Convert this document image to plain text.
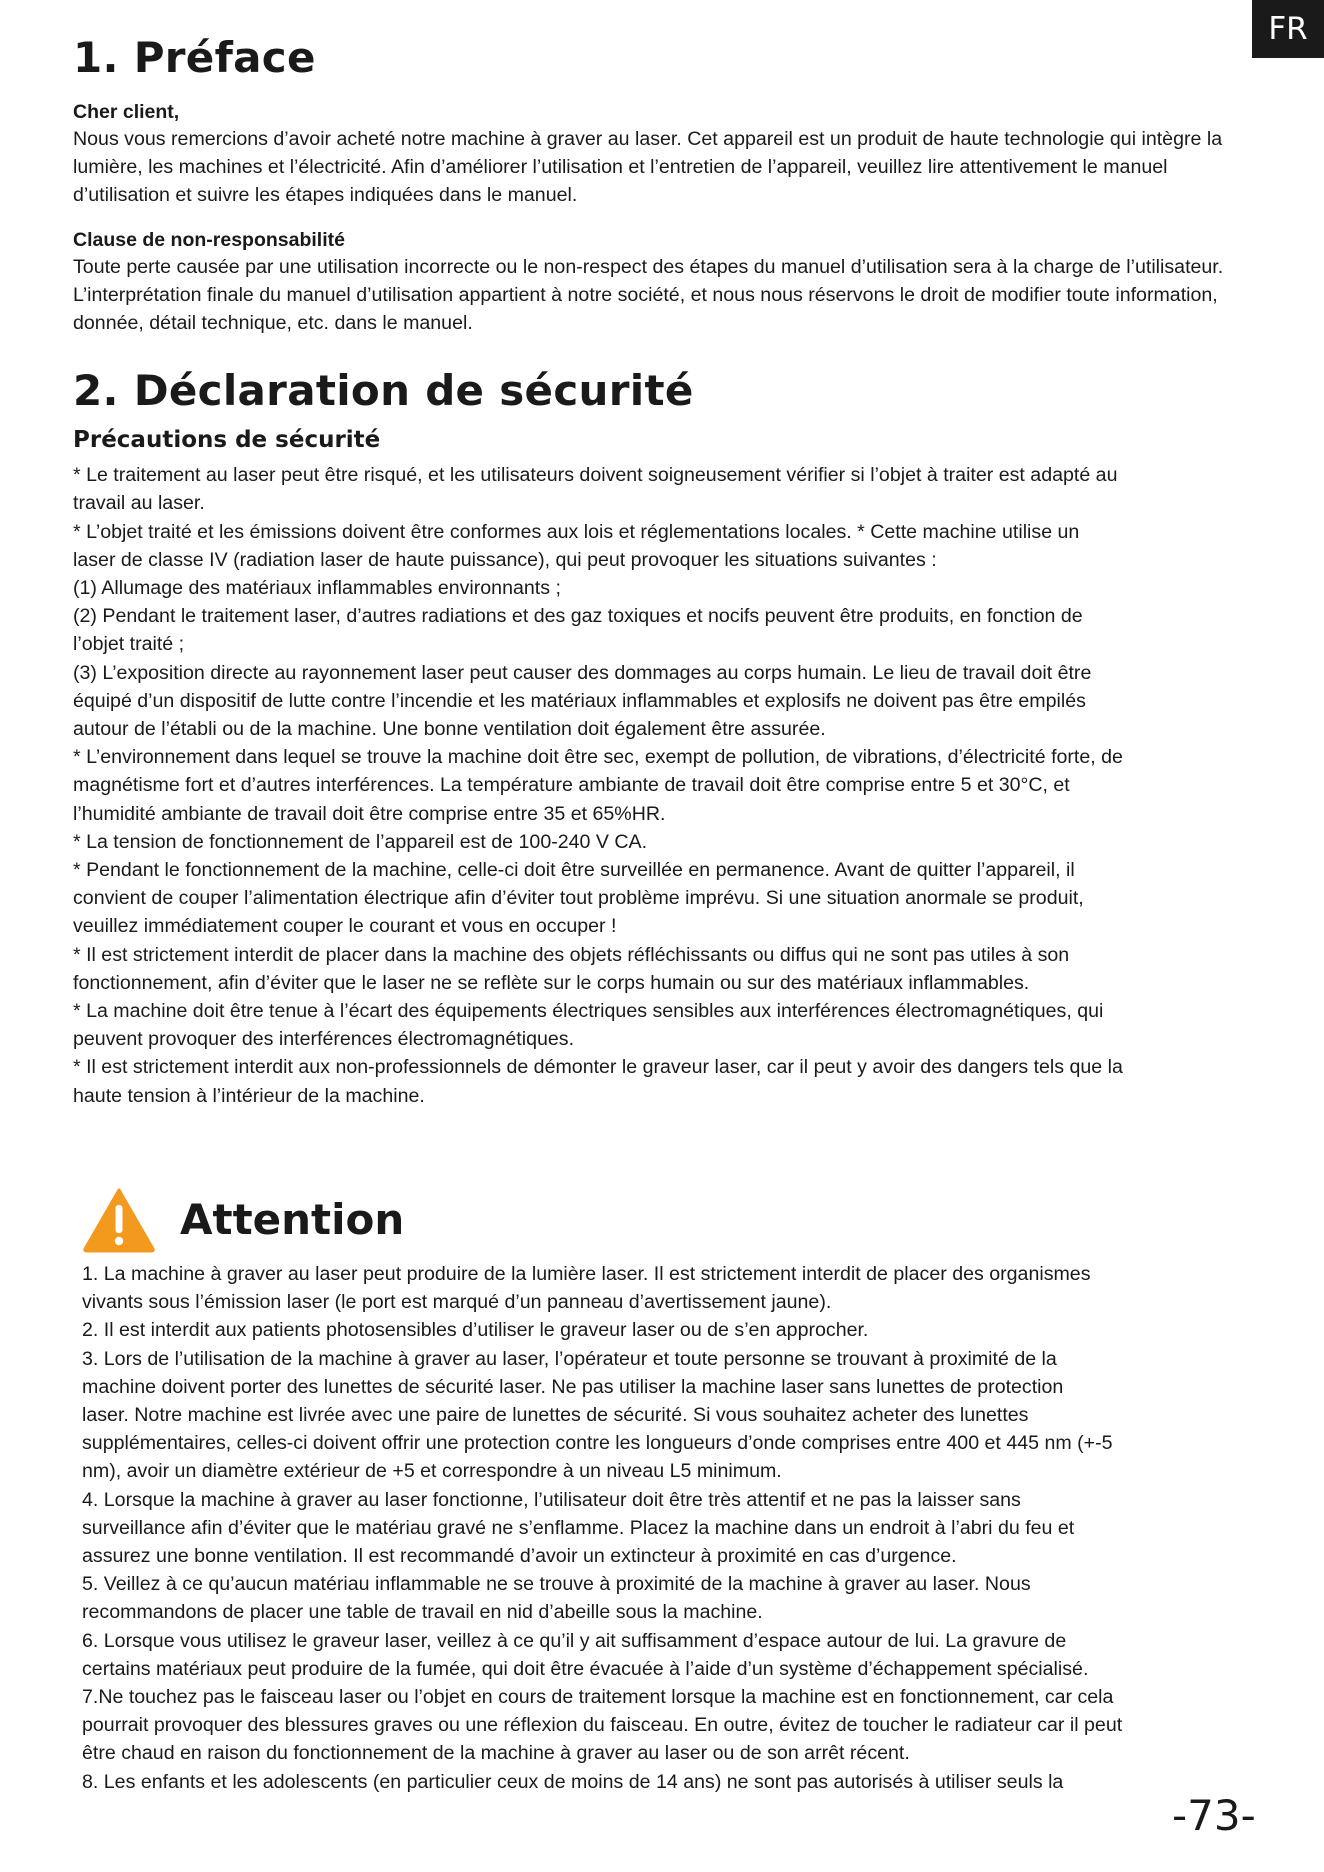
FR
1. Préface

Cher client,

Nous vous remercions d’avoir acheté notre machine à graver au laser. Cet appareil est un produit de haute technologie qui intègre la lumière, les machines et l’électricité. Afin d’améliorer l’utilisation et l’entretien de l’appareil, veuillez lire attentivement le manuel d’utilisation et suivre les étapes indiquées dans le manuel.

Clause de non-responsabilité

Toute perte causée par une utilisation incorrecte ou le non-respect des étapes du manuel d’utilisation sera à la charge de l’utilisateur. L’interprétation finale du manuel d’utilisation appartient à notre société, et nous nous réservons le droit de modifier toute information, donnée, détail technique, etc. dans le manuel.

2. Déclaration de sécurité
Précautions de sécurité
* Le traitement au laser peut être risqué, et les utilisateurs doivent soigneusement vérifier si l’objet à traiter est adapté au
travail au laser.
* L’objet traité et les émissions doivent être conformes aux lois et réglementations locales. * Cette machine utilise un
laser de classe IV (radiation laser de haute puissance), qui peut provoquer les situations suivantes :
(1) Allumage des matériaux inflammables environnants ;
(2) Pendant le traitement laser, d’autres radiations et des gaz toxiques et nocifs peuvent être produits, en fonction de
l’objet traité ;
(3) L’exposition directe au rayonnement laser peut causer des dommages au corps humain. Le lieu de travail doit être
équipé d’un dispositif de lutte contre l’incendie et les matériaux inflammables et explosifs ne doivent pas être empilés
autour de l’établi ou de la machine. Une bonne ventilation doit également être assurée.
* L’environnement dans lequel se trouve la machine doit être sec, exempt de pollution, de vibrations, d’électricité forte, de
magnétisme fort et d’autres interférences. La température ambiante de travail doit être comprise entre 5 et 30°C, et
l’humidité ambiante de travail doit être comprise entre 35 et 65%HR.
* La tension de fonctionnement de l’appareil est de 100-240 V CA.
* Pendant le fonctionnement de la machine, celle-ci doit être surveillée en permanence. Avant de quitter l’appareil, il
convient de couper l’alimentation électrique afin d’éviter tout problème imprévu. Si une situation anormale se produit,
veuillez immédiatement couper le courant et vous en occuper !
* Il est strictement interdit de placer dans la machine des objets réfléchissants ou diffus qui ne sont pas utiles à son
fonctionnement, afin d’éviter que le laser ne se reflète sur le corps humain ou sur des matériaux inflammables.
* La machine doit être tenue à l’écart des équipements électriques sensibles aux interférences électromagnétiques, qui
peuvent provoquer des interférences électromagnétiques.
* Il est strictement interdit aux non-professionnels de démonter le graveur laser, car il peut y avoir des dangers tels que la
haute tension à l’intérieur de la machine.
Attention
1. La machine à graver au laser peut produire de la lumière laser. Il est strictement interdit de placer des organismes
vivants sous l’émission laser (le port est marqué d’un panneau d’avertissement jaune).
2. Il est interdit aux patients photosensibles d’utiliser le graveur laser ou de s’en approcher.
3. Lors de l’utilisation de la machine à graver au laser, l’opérateur et toute personne se trouvant à proximité de la
machine doivent porter des lunettes de sécurité laser. Ne pas utiliser la machine laser sans lunettes de protection
laser. Notre machine est livrée avec une paire de lunettes de sécurité. Si vous souhaitez acheter des lunettes
supplémentaires, celles-ci doivent offrir une protection contre les longueurs d’onde comprises entre 400 et 445 nm (+-5
nm), avoir un diamètre extérieur de +5 et correspondre à un niveau L5 minimum.
4. Lorsque la machine à graver au laser fonctionne, l’utilisateur doit être très attentif et ne pas la laisser sans
surveillance afin d’éviter que le matériau gravé ne s’enflamme. Placez la machine dans un endroit à l’abri du feu et
assurez une bonne ventilation. Il est recommandé d’avoir un extincteur à proximité en cas d’urgence.
5. Veillez à ce qu’aucun matériau inflammable ne se trouve à proximité de la machine à graver au laser. Nous
recommandons de placer une table de travail en nid d’abeille sous la machine.
6. Lorsque vous utilisez le graveur laser, veillez à ce qu’il y ait suffisamment d’espace autour de lui. La gravure de
certains matériaux peut produire de la fumée, qui doit être évacuée à l’aide d’un système d’échappement spécialisé.
7.Ne touchez pas le faisceau laser ou l’objet en cours de traitement lorsque la machine est en fonctionnement, car cela
pourrait provoquer des blessures graves ou une réflexion du faisceau. En outre, évitez de toucher le radiateur car il peut
être chaud en raison du fonctionnement de la machine à graver au laser ou de son arrêt récent.
8. Les enfants et les adolescents (en particulier ceux de moins de 14 ans) ne sont pas autorisés à utiliser seuls la
-73-
